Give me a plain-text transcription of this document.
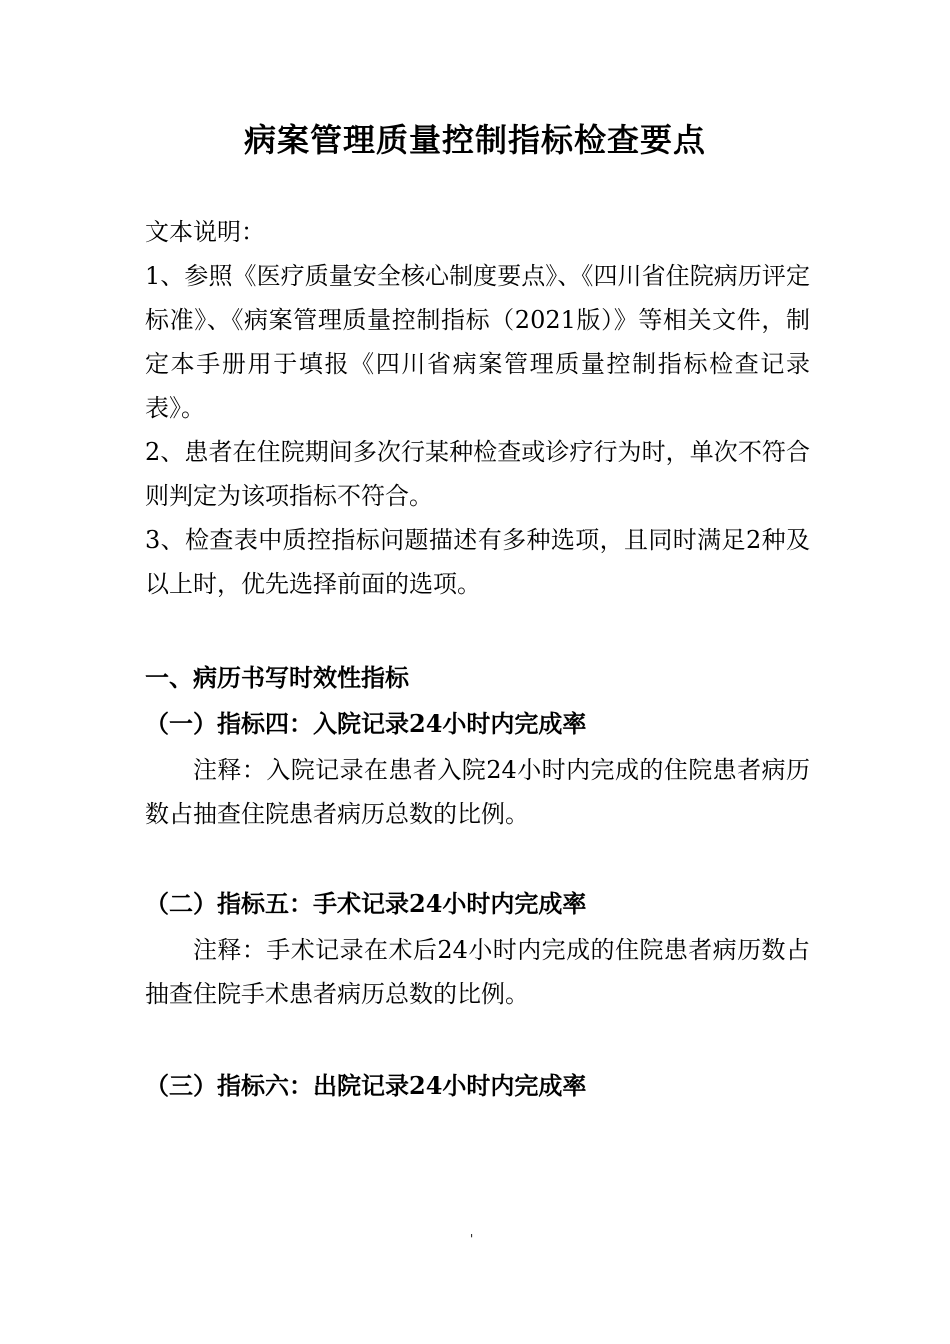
病案管理质量控制指标检查要点

文本说明：

1、参照《医疗质量安全核心制度要点》、《四川省住院病历评定标准》、《病案管理质量控制指标（2021版）》等相关文件，制定本手册用于填报《四川省病案管理质量控制指标检查记录表》。

2、患者在住院期间多次行某种检查或诊疗行为时，单次不符合则判定为该项指标不符合。

3、检查表中质控指标问题描述有多种选项，且同时满足2种及以上时，优先选择前面的选项。

一、病历书写时效性指标
（一）指标四：入院记录24小时内完成率
注释：入院记录在患者入院24小时内完成的住院患者病历数占抽查住院患者病历总数的比例。
（二）指标五：手术记录24小时内完成率
注释：手术记录在术后24小时内完成的住院患者病历数占抽查住院手术患者病历总数的比例。
（三）指标六：出院记录24小时内完成率
'
